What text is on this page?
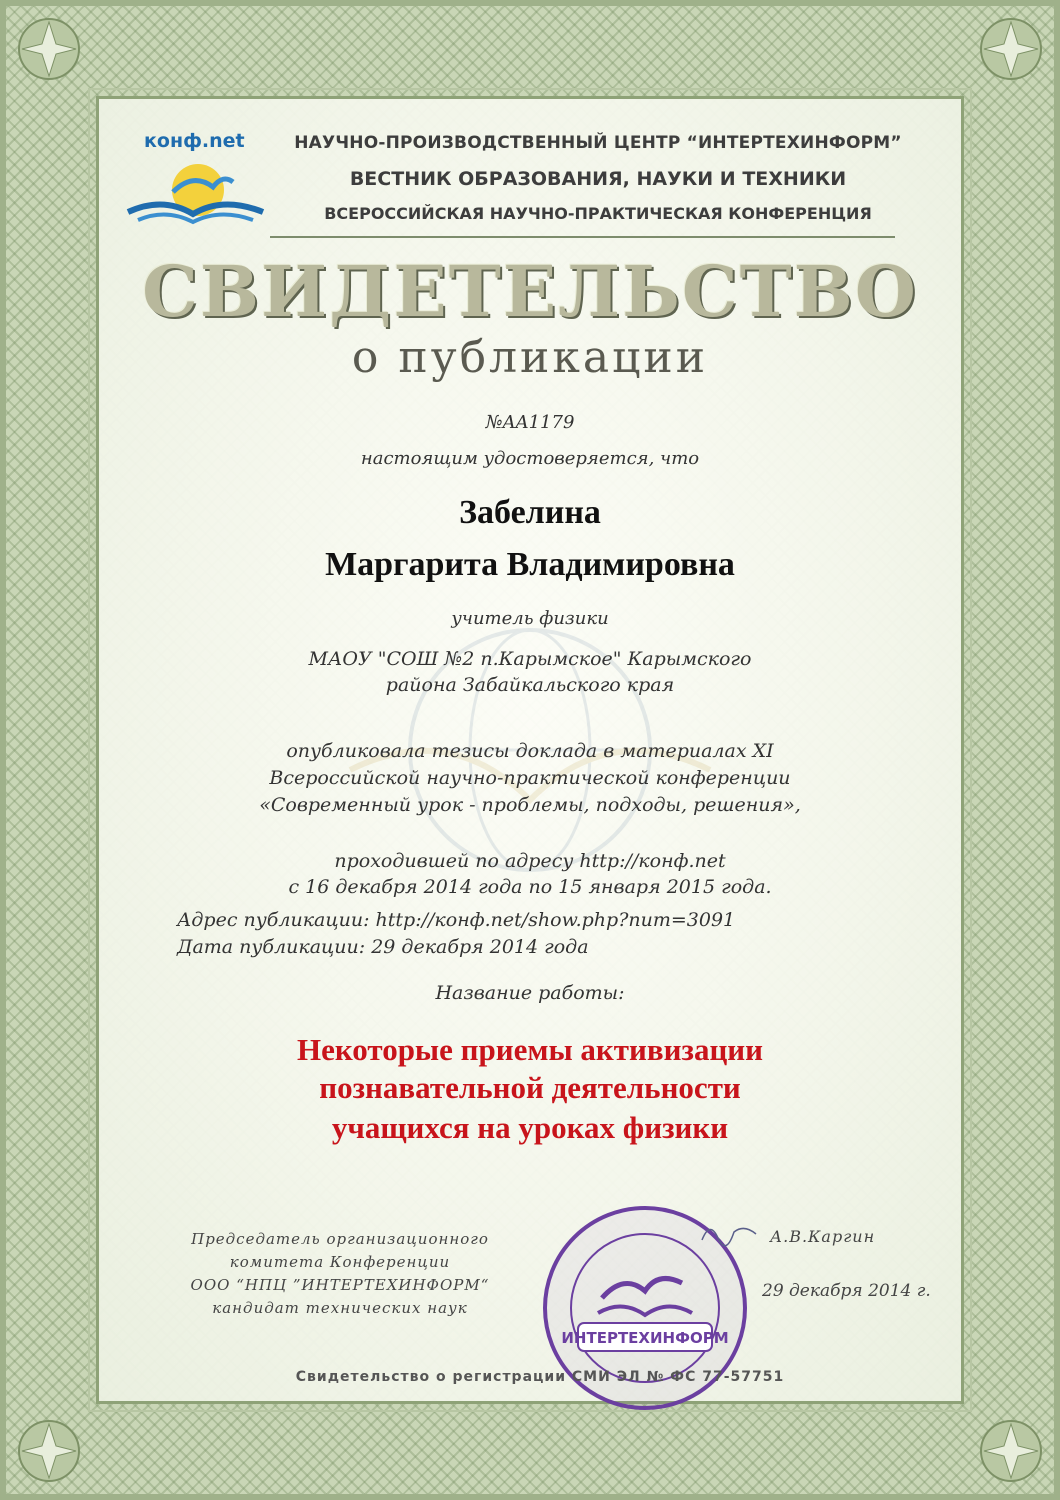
конф.net	НАУЧНО-ПРОИЗВОДСТВЕННЫЙ ЦЕНТР “ИНТЕРТЕХИНФОРМ”
ВЕСТНИК ОБРАЗОВАНИЯ, НАУКИ И ТЕХНИКИ
ВСЕРОССИЙСКАЯ НАУЧНО-ПРАКТИЧЕСКАЯ КОНФЕРЕНЦИЯ
СВИДЕТЕЛЬСТВО
о публикации
№AA1179
настоящим удостоверяется, что
Забелина
Маргарита Владимировна
учитель физики
МАОУ "СОШ №2 п.Карымское" Карымского
района Забайкальского края
опубликовала тезисы доклада в материалах XI
Всероссийской научно-практической конференции
«Современный урок - проблемы, подходы, решения»,
проходившей по адресу http://конф.net
с 16 декабря 2014 года по 15 января 2015 года.
Адрес публикации: http://конф.net/show.php?num=3091
Дата публикации: 29 декабря 2014 года
Название работы:
Некоторые приемы активизации
познавательной деятельности
учащихся на уроках физики
Председатель организационного
комитета Конференции
ООО “НПЦ ”ИНТЕРТЕХИНФОРМ“
кандидат технических наук
ИНТЕРТЕХИНФОРМ
А.В.Каргин
29 декабря 2014 г.
Свидетельство о регистрации СМИ ЭЛ № ФС 77-57751
